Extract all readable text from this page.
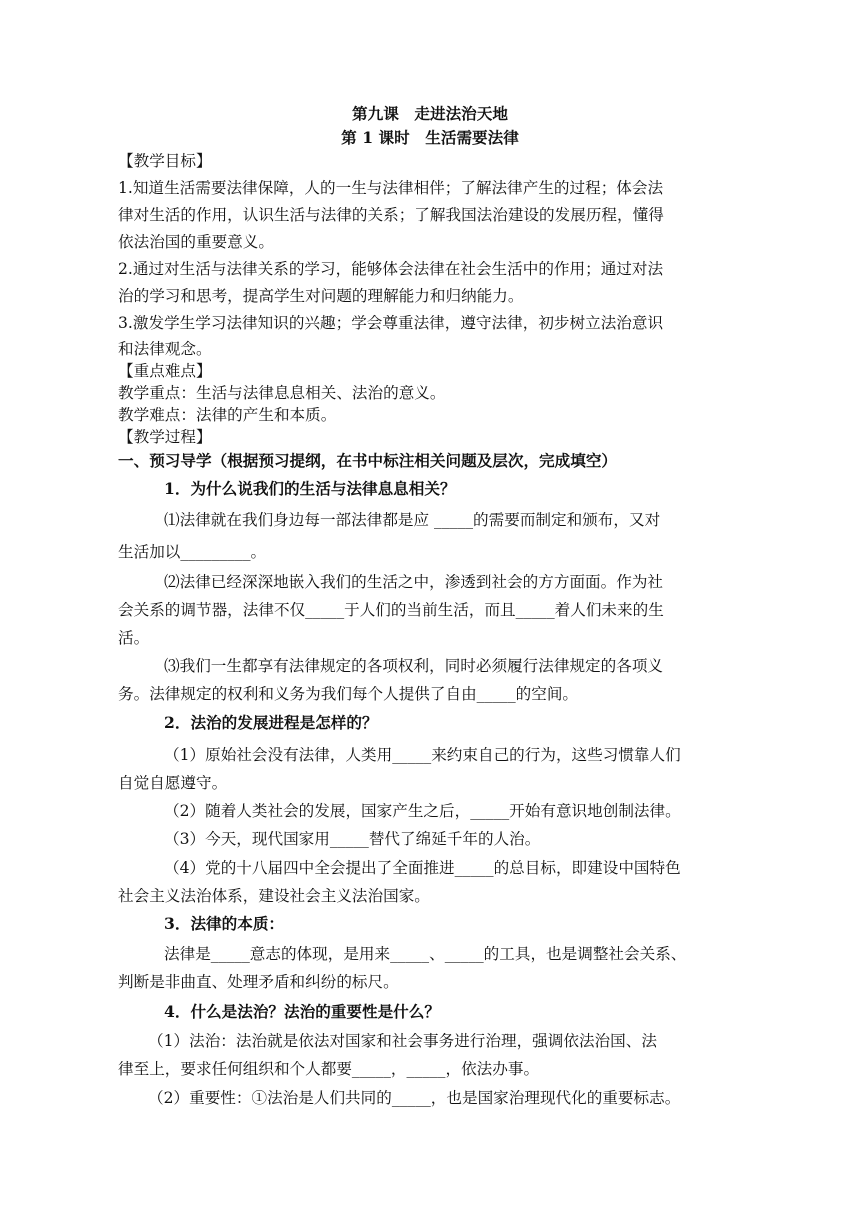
第九课　走进法治天地
第 1 课时　生活需要法律
【教学目标】
1.知道生活需要法律保障，人的一生与法律相伴；了解法律产生的过程；体会法
律对生活的作用，认识生活与法律的关系；了解我国法治建设的发展历程，懂得
依法治国的重要意义。
2.通过对生活与法律关系的学习，能够体会法律在社会生活中的作用；通过对法
治的学习和思考，提高学生对问题的理解能力和归纳能力。
3.激发学生学习法律知识的兴趣；学会尊重法律，遵守法律，初步树立法治意识
和法律观念。
【重点难点】
教学重点：生活与法律息息相关、法治的意义。
教学难点：法律的产生和本质。
【教学过程】
一、预习导学（根据预习提纲，在书中标注相关问题及层次，完成填空）
1．为什么说我们的生活与法律息息相关？
⑴法律就在我们身边每一部法律都是应 _____的需要而制定和颁布，又对
生活加以_________。
⑵法律已经深深地嵌入我们的生活之中，渗透到社会的方方面面。作为社
会关系的调节器，法律不仅_____于人们的当前生活，而且_____着人们未来的生
活。
⑶我们一生都享有法律规定的各项权利，同时必须履行法律规定的各项义
务。法律规定的权利和义务为我们每个人提供了自由_____的空间。
2．法治的发展进程是怎样的？
（1）原始社会没有法律，人类用_____来约束自己的行为，这些习惯靠人们
自觉自愿遵守。
（2）随着人类社会的发展，国家产生之后，_____开始有意识地创制法律。
（3）今天，现代国家用_____替代了绵延千年的人治。
（4）党的十八届四中全会提出了全面推进_____的总目标，即建设中国特色
社会主义法治体系，建设社会主义法治国家。
3．法律的本质：
法律是_____意志的体现，是用来_____、_____的工具，也是调整社会关系、
判断是非曲直、处理矛盾和纠纷的标尺。
4．什么是法治？法治的重要性是什么？
（1）法治：法治就是依法对国家和社会事务进行治理，强调依法治国、法
律至上，要求任何组织和个人都要_____，_____，依法办事。
（2）重要性：①法治是人们共同的_____，也是国家治理现代化的重要标志。
